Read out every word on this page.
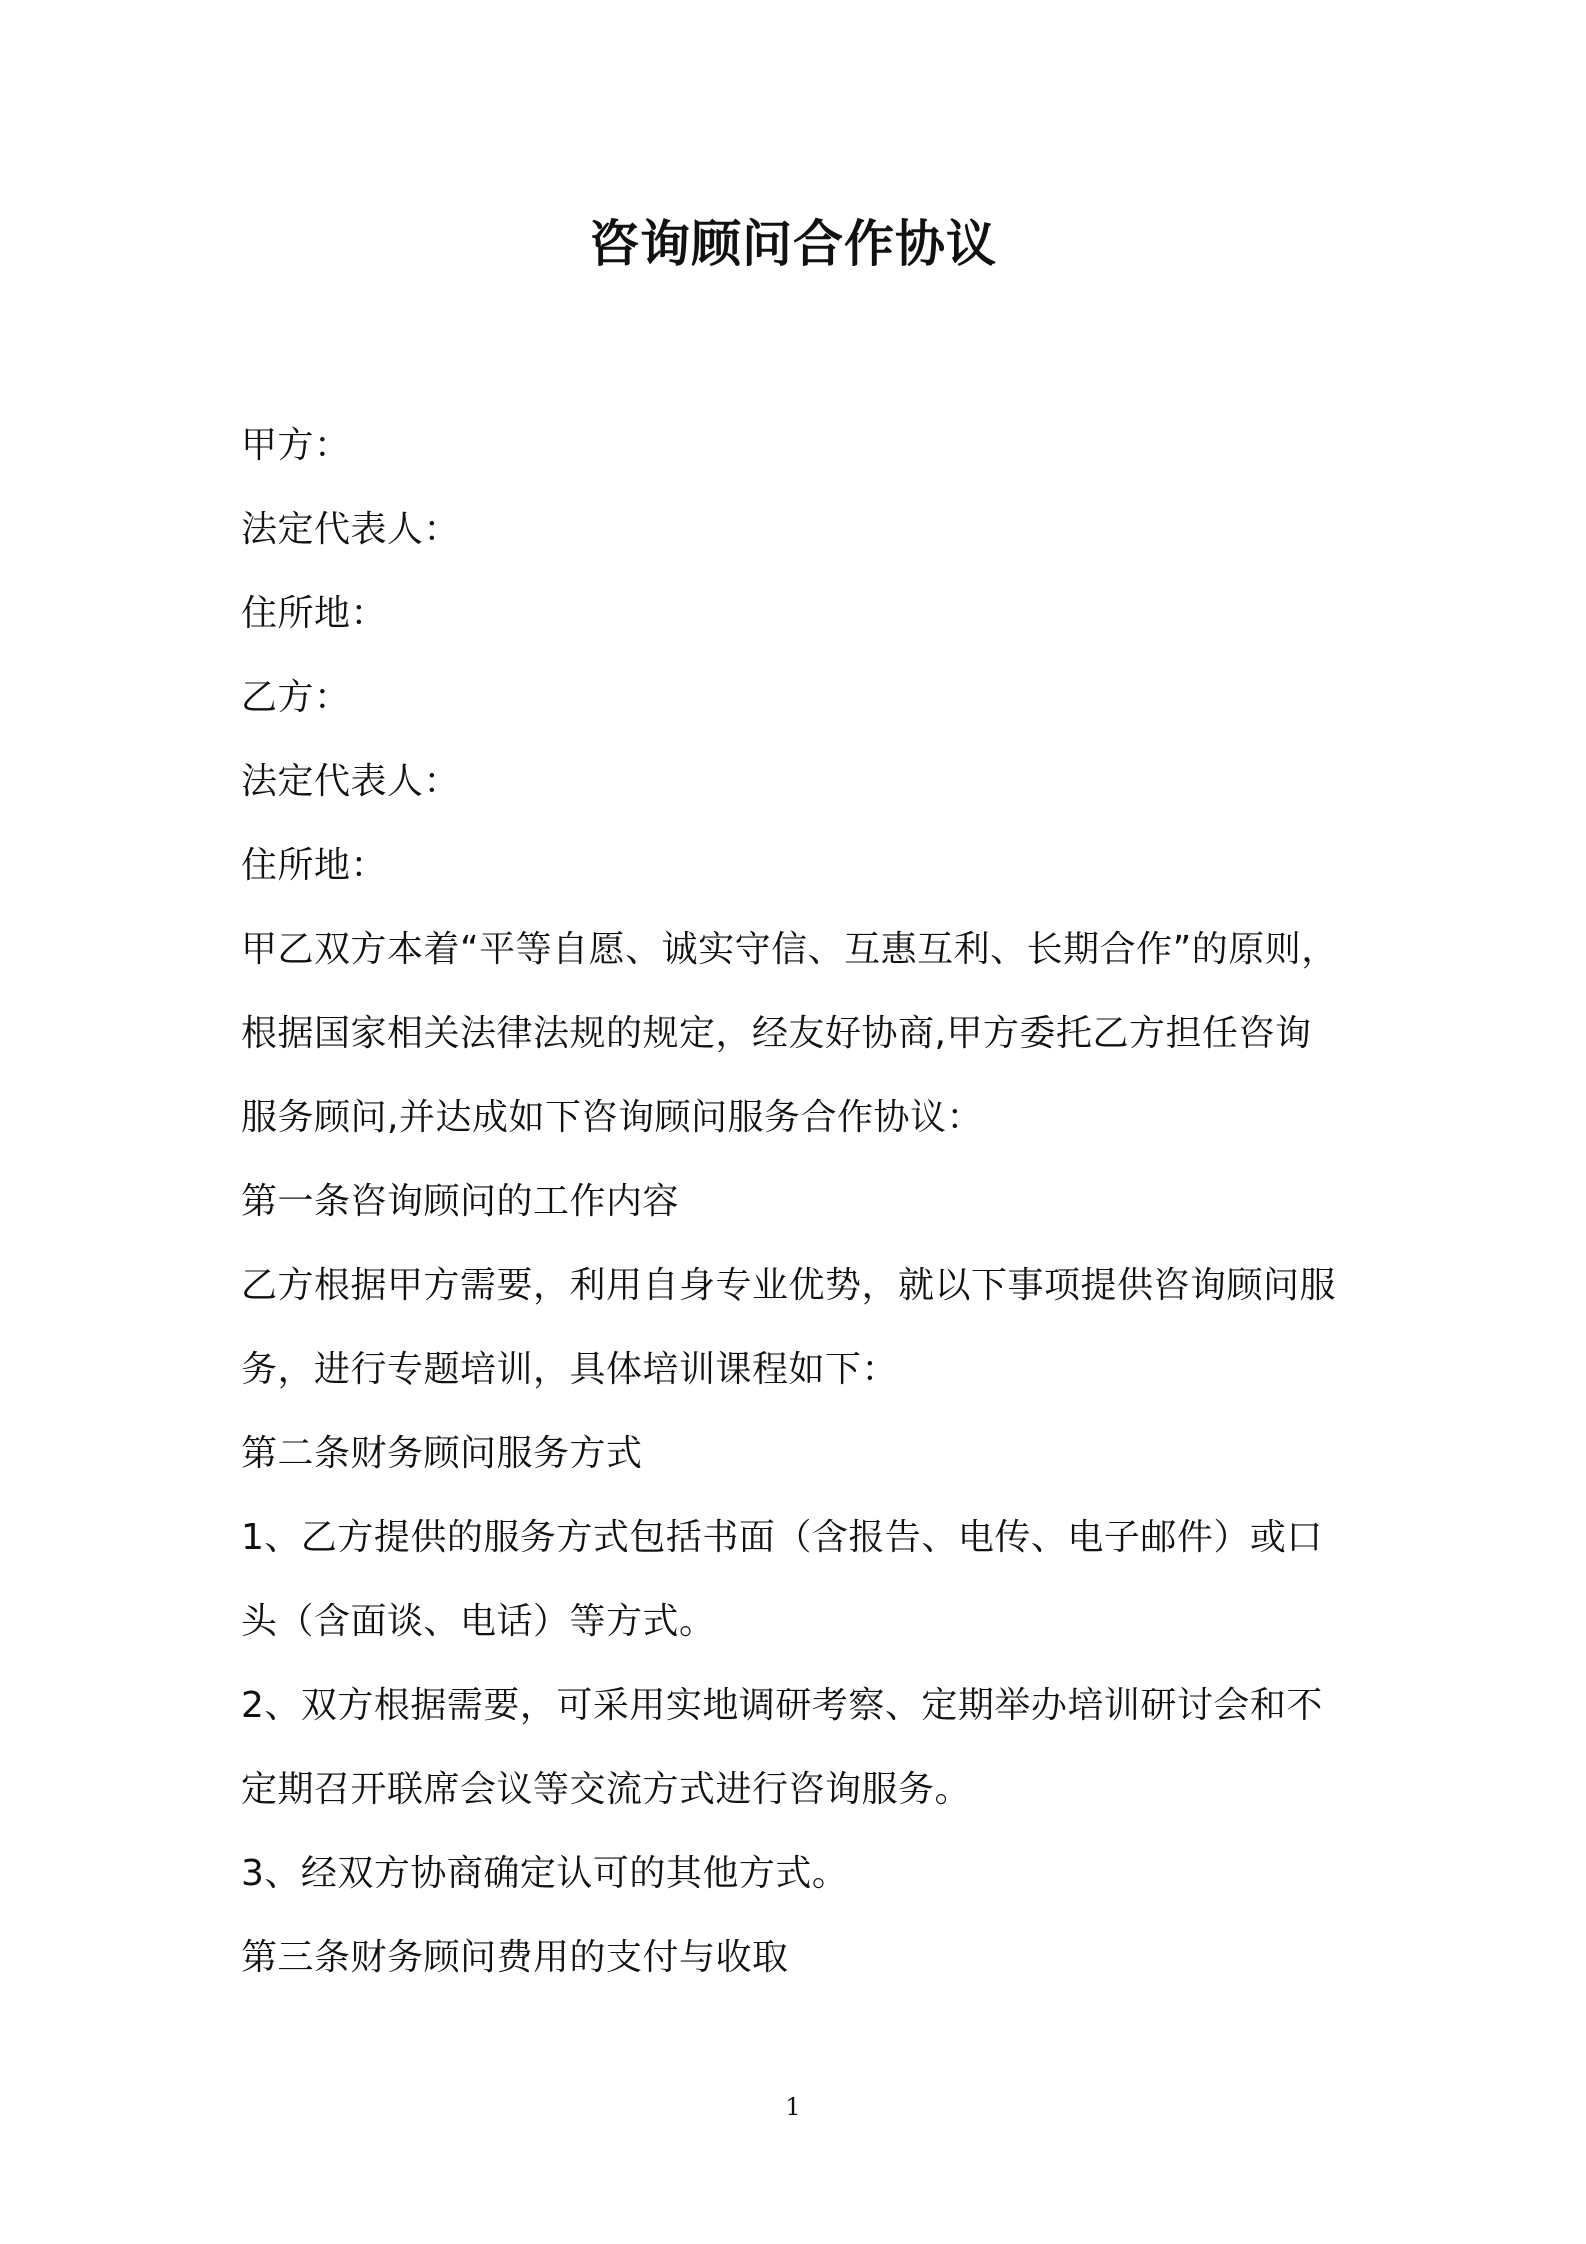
咨询顾问合作协议
甲方：
法定代表人：
住所地：
乙方：
法定代表人：
住所地：
甲乙双方本着“平等自愿、诚实守信、互惠互利、长期合作”的原则，
根据国家相关法律法规的规定，经友好协商,甲方委托乙方担任咨询
服务顾问,并达成如下咨询顾问服务合作协议：
第一条咨询顾问的工作内容
乙方根据甲方需要，利用自身专业优势，就以下事项提供咨询顾问服
务，进行专题培训，具体培训课程如下：
第二条财务顾问服务方式
1、乙方提供的服务方式包括书面（含报告、电传、电子邮件）或口
头（含面谈、电话）等方式。
2、双方根据需要，可采用实地调研考察、定期举办培训研讨会和不
定期召开联席会议等交流方式进行咨询服务。
3、经双方协商确定认可的其他方式。
第三条财务顾问费用的支付与收取
1
